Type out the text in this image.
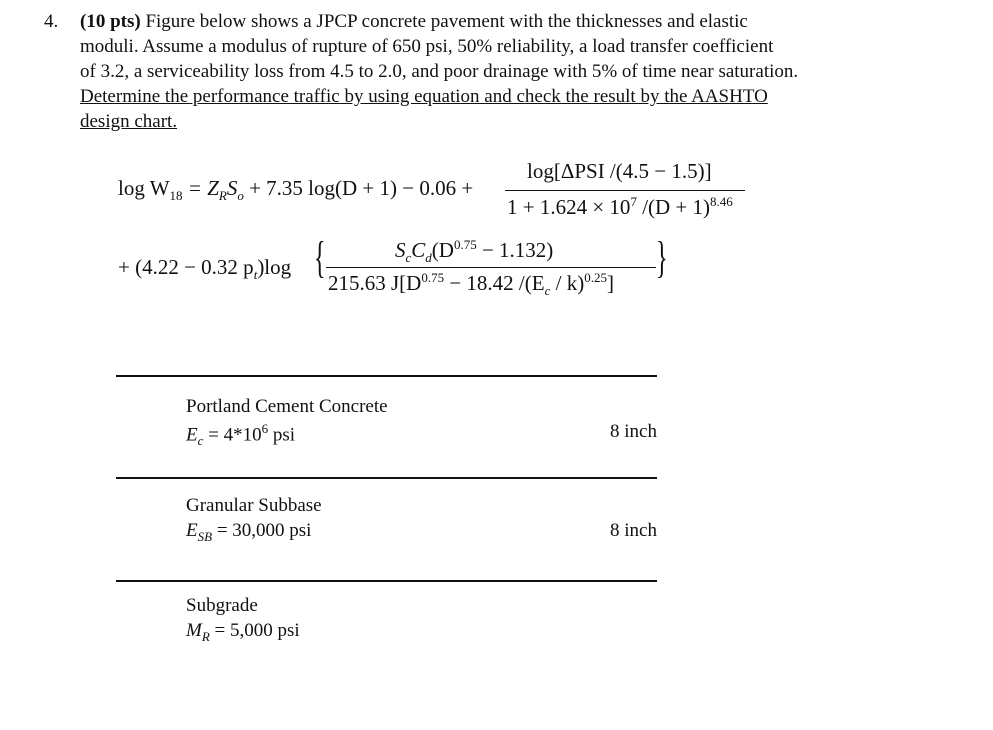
4. (10 pts) Figure below shows a JPCP concrete pavement with the thicknesses and elastic
moduli. Assume a modulus of rupture of 650 psi, 50% reliability, a load transfer coefficient
of 3.2, a serviceability loss from 4.5 to 2.0, and poor drainage with 5% of time near saturation.
Determine the performance traffic by using equation and check the result by the AASHTO
design chart.
$\log W_{18} = Z_RS_o + 7.35$ log(D + 1) − 0.06 +
log[ΔPSI /(4.5 − 1.5)]
$1 + 1.624 \times 10^7$ $/(D + 1)^{8.46}$
+ (4.22 − 0.32 $p_t)\log$ {	$S_cC_d(D^{0.75} - 1.132)$
215.63 $J[D^{0.75} - 18.42$ $/(E_c / k)^{0.25}$]
}
Portland Cement Concrete
$E_c = 4*10^6$ psi	8 inch
Granular Subbase
$E_{SB} = 30,000$ psi	8 inch
Subgrade
$M_R = 5,000$ psi
